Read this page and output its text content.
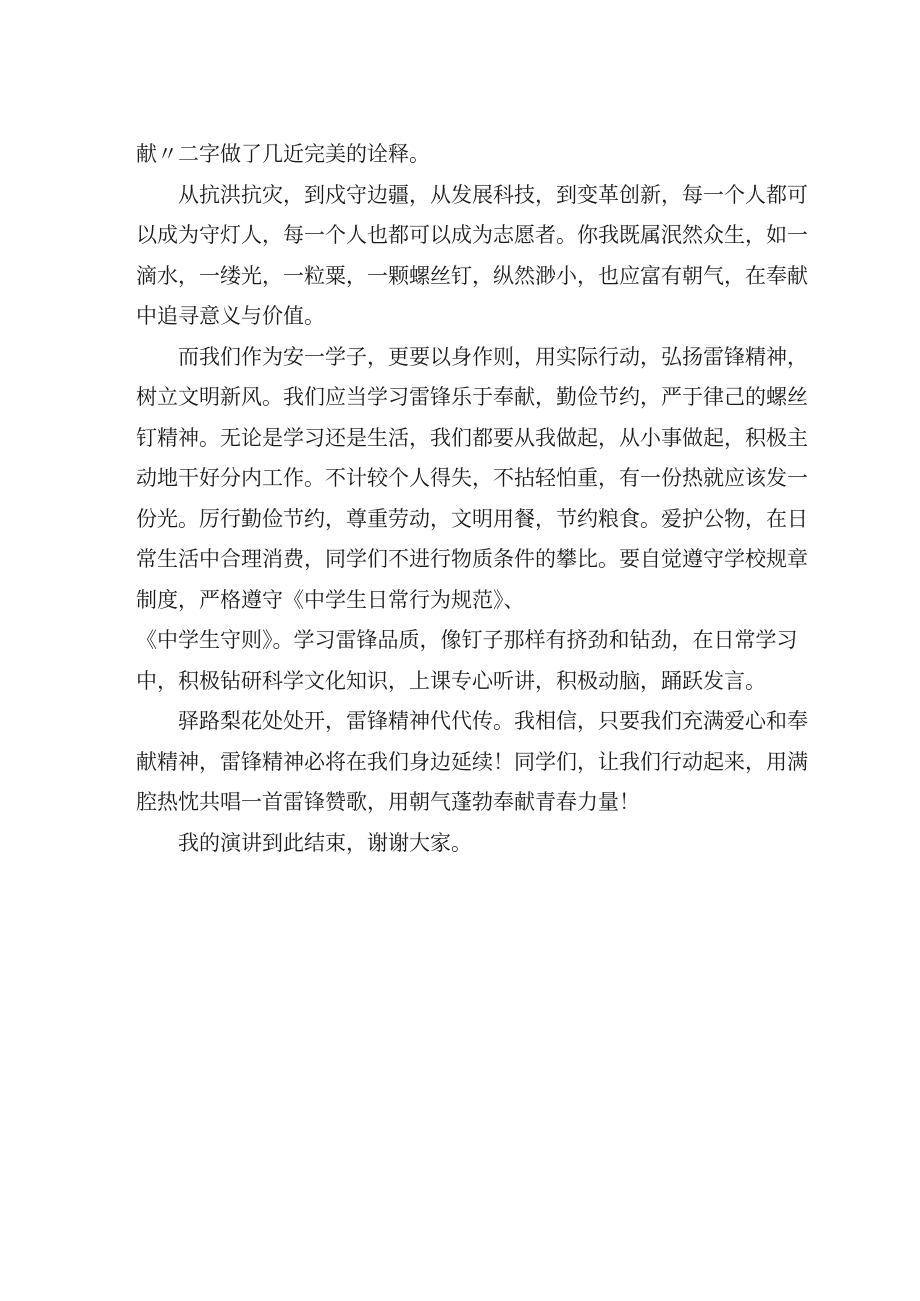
献〃二字做了几近完美的诠释。
从抗洪抗灾，到戍守边疆，从发展科技，到变革创新，每一个人都可
以成为守灯人，每一个人也都可以成为志愿者。你我既属泯然众生，如一
滴水，一缕光，一粒粟，一颗螺丝钉，纵然渺小，也应富有朝气，在奉献
中追寻意义与价值。
而我们作为安一学子，更要以身作则，用实际行动，弘扬雷锋精神，
树立文明新风。我们应当学习雷锋乐于奉献，勤俭节约，严于律己的螺丝
钉精神。无论是学习还是生活，我们都要从我做起，从小事做起，积极主
动地干好分内工作。不计较个人得失，不拈轻怕重，有一份热就应该发一
份光。厉行勤俭节约，尊重劳动，文明用餐，节约粮食。爱护公物，在日
常生活中合理消费，同学们不进行物质条件的攀比。要自觉遵守学校规章
制度，严格遵守《中学生日常行为规范》、
《中学生守则》。学习雷锋品质，像钉子那样有挤劲和钻劲，在日常学习
中，积极钻研科学文化知识，上课专心听讲，积极动脑，踊跃发言。
驿路梨花处处开，雷锋精神代代传。我相信，只要我们充满爱心和奉
献精神，雷锋精神必将在我们身边延续！同学们，让我们行动起来，用满
腔热忱共唱一首雷锋赞歌，用朝气蓬勃奉献青春力量！
我的演讲到此结束，谢谢大家。
